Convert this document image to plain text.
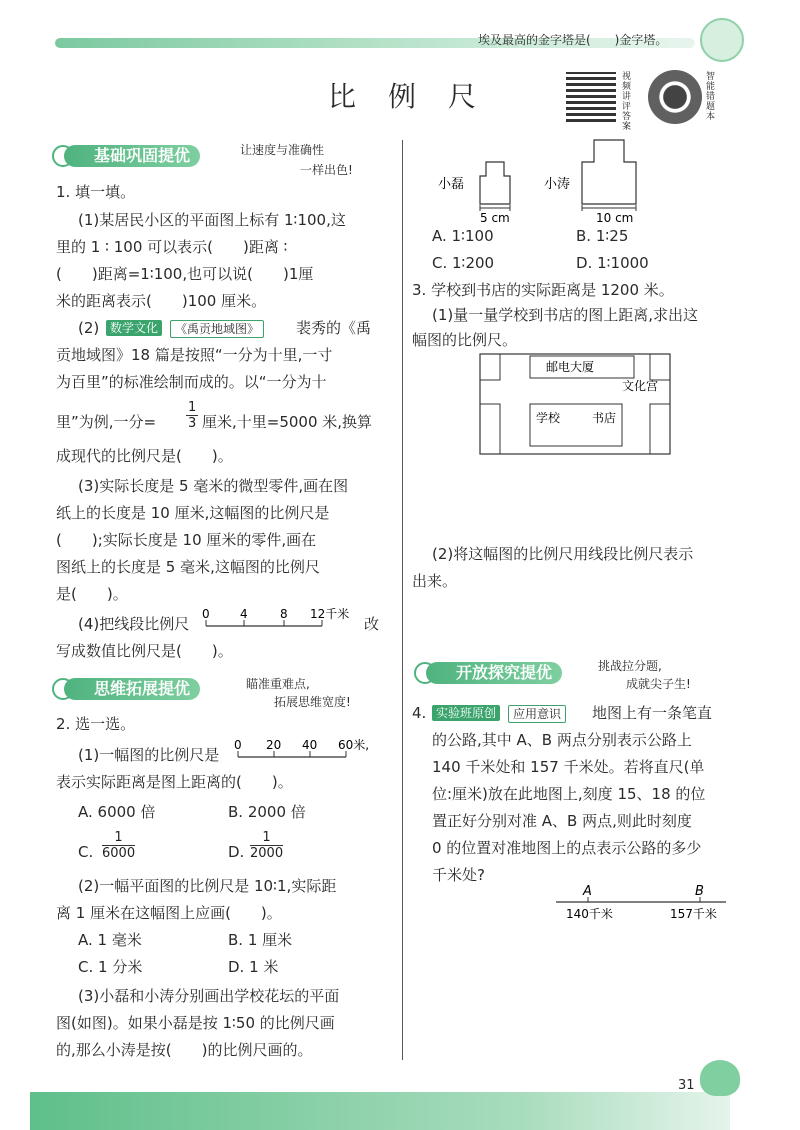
埃及最高的金字塔是(　　)金字塔。
比　例　尺
视频讲评答案
智能错题本
基础巩固提优	让速度与准确性
一样出色!
1. 填一填。
(1)某居民小区的平面图上标有 1∶100,这
里的 1 ∶ 100 可以表示(　　)距离 ∶
(　　)距离=1∶100,也可以说(　　)1厘
米的距离表示(　　)100 厘米。
(2) 数学文化	《禹贡地域图》	裴秀的《禹
贡地域图》18 篇是按照“一分为十里,一寸
为百里”的标准绘制而成的。以“一分为十
里”为例,一分= $\frac{1}{3}$ 厘米,十里=5000 米,换算
成现代的比例尺是(　　)。
(3)实际长度是 5 毫米的微型零件,画在图
纸上的长度是 10 厘米,这幅图的比例尺是
(　　);实际长度是 10 厘米的零件,画在
图纸上的长度是 5 毫米,这幅图的比例尺
是(　　)。
(4)把线段比例尺
0	4	8 12千米
改
写成数值比例尺是(　　)。
思维拓展提优	瞄准重难点,
拓展思维宽度!
2. 选一选。
(1)一幅图的比例尺是
0 20 40 60米,
表示实际距离是图上距离的(　　)。
A. 6000 倍	B. 2000 倍
C. $\frac{1}{6000}$	D. $\frac{1}{2000}$
(2)一幅平面图的比例尺是 10∶1,实际距
离 1 厘米在这幅图上应画(　　)。
A. 1 毫米	B. 1 厘米
C. 1 分米	D. 1 米
(3)小磊和小涛分别画出学校花坛的平面
图(如图)。如果小磊是按 1∶50 的比例尺画
的,那么小涛是按(　　)的比例尺画的。
小磊
5 cm
小涛
10 cm
A. 1∶100	B. 1∶25
C. 1∶200	D. 1∶1000
3. 学校到书店的实际距离是 1200 米。
(1)量一量学校到书店的图上距离,求出这
幅图的比例尺。
邮电大厦
文化宫
学校	书店
(2)将这幅图的比例尺用线段比例尺表示
出来。
开放探究提优	挑战拉分题,
成就尖子生!
4. 实验班原创	应用意识	地图上有一条笔直
的公路,其中 A、B 两点分别表示公路上
140 千米处和 157 千米处。若将直尺(单
位:厘米)放在此地图上,刻度 15、18 的位
置正好分别对准 A、B 两点,则此时刻度
0 的位置对准地图上的点表示公路的多少
千米处?
A	B
140千米	157千米
31
